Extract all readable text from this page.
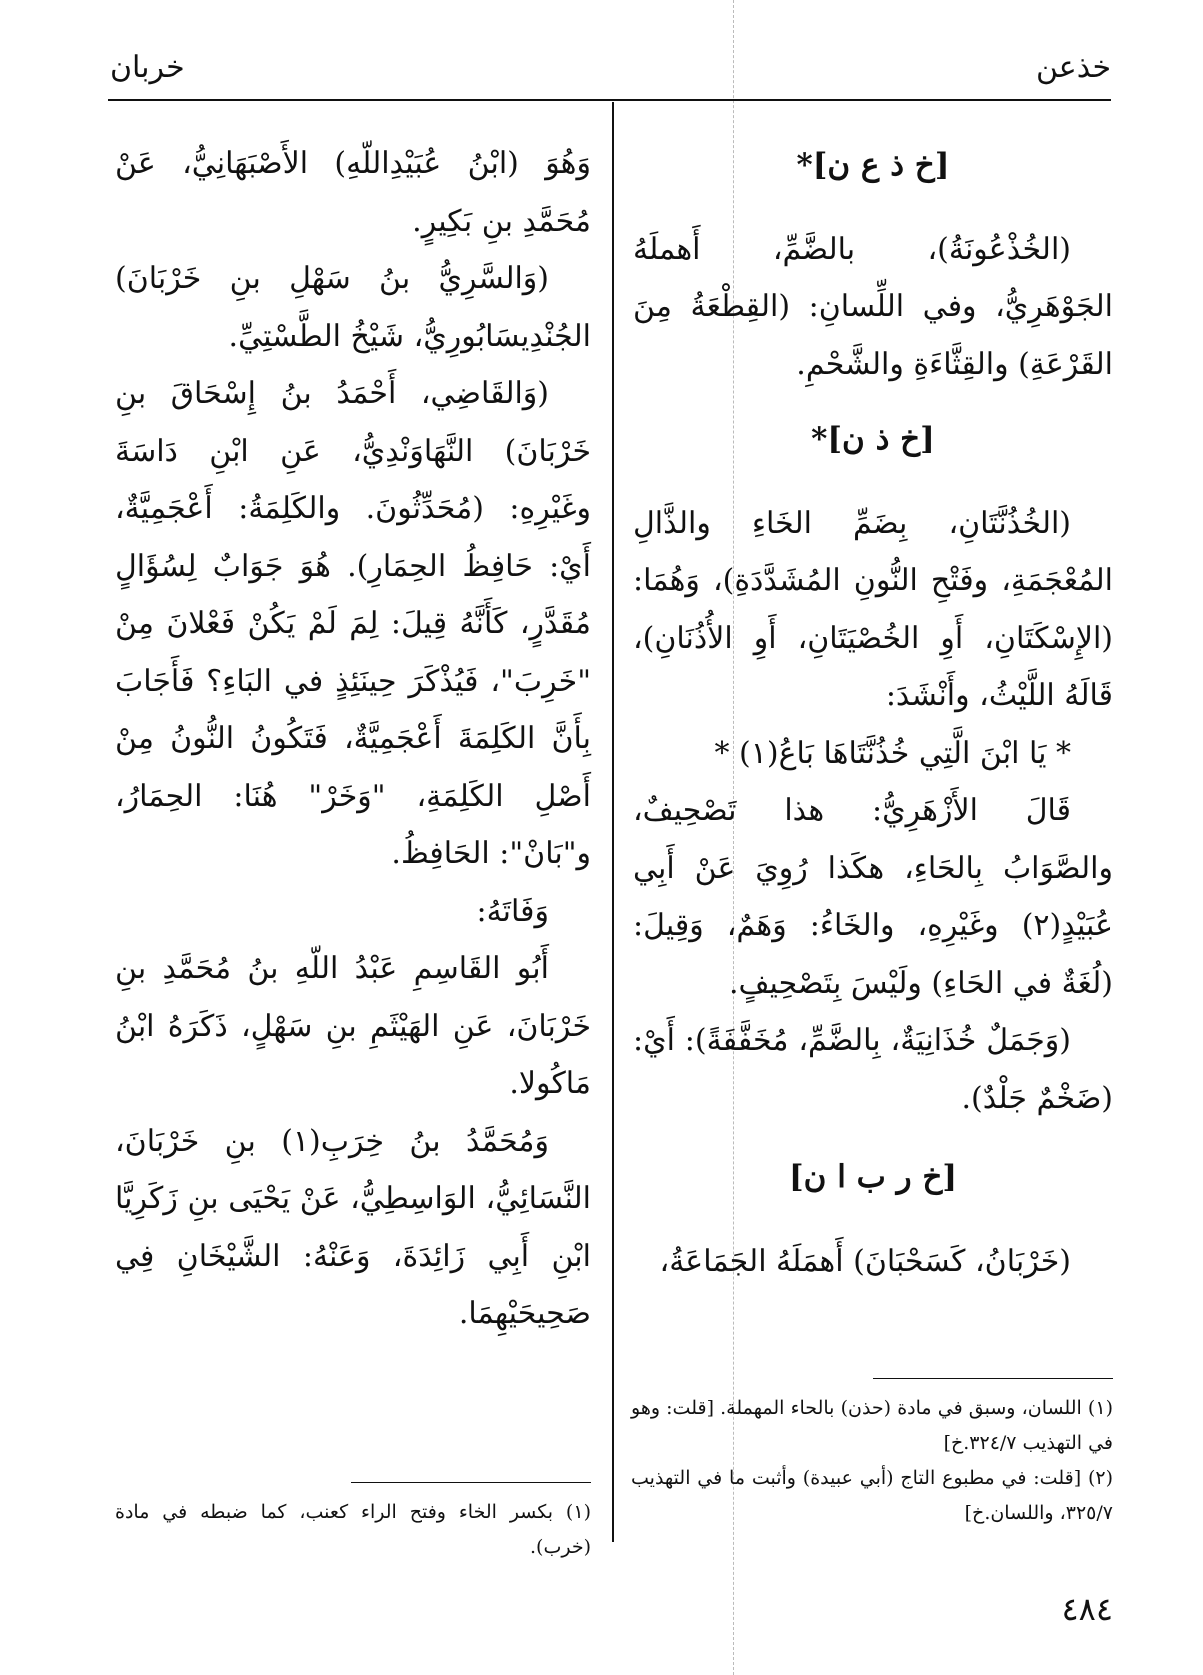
خذعن
خربان
[خ ذ ع ن]*

(الخُذْعُونَةُ)، بالضَّمِّ، أَهملَهُ الجَوْهَرِيُّ، وفي اللِّسانِ: (القِطْعَةُ مِنَ القَرْعَةِ) والقِثَّاءَةِ والشَّحْمِ.

[خ ذ ن]*

(الخُذُنَّتَانِ، بِضَمِّ الخَاءِ والذَّالِ المُعْجَمَةِ، وفَتْحِ النُّونِ المُشَدَّدَةِ)، وَهُمَا: (الإِسْكَتَانِ، أَوِ الخُصْيَتَانِ، أَوِ الأُذُنَانِ)، قَالَهُ اللَّيْثُ، وأَنْشَدَ:

* يَا ابْنَ الَّتِي خُذُنَّتَاهَا بَاعُ(١) *

قَالَ الأَزْهَرِيُّ: هذا تَصْحِيفٌ، والصَّوَابُ بِالحَاءِ، هكَذا رُوِيَ عَنْ أَبِي عُبَيْدٍ(٢) وغَيْرِهِ، والخَاءُ: وَهَمٌ، وَقِيلَ: (لُغَةٌ في الحَاءِ) ولَيْسَ بِتَصْحِيفٍ.

(وَجَمَلٌ خُذَانِيَةٌ، بِالضَّمِّ، مُخَفَّفَةً): أَيْ: (ضَخْمٌ جَلْدٌ).

[خ ر ب ا ن]

(خَرْبَانُ، كَسَحْبَانَ) أَهمَلَهُ الجَمَاعَةُ،

(١) اللسان، وسبق في مادة (حذن) بالحاء المهملة. [قلت: وهو في التهذيب ٣٢٤/٧.خ]

(٢) [قلت: في مطبوع التاج (أبي عبيدة) وأثبت ما في التهذيب ٣٢٥/٧، واللسان.خ]

وَهُوَ (ابْنُ عُبَيْدِاللّهِ) الأَصْبَهَانِيُّ، عَنْ مُحَمَّدِ بنِ بَكِيرٍ.

(وَالسَّرِيُّ بنُ سَهْلِ بنِ خَرْبَانَ) الجُنْدِيسَابُورِيُّ، شَيْخُ الطَّسْتِيِّ.

(وَالقَاضِي، أَحْمَدُ بنُ إِسْحَاقَ بنِ خَرْبَانَ) النَّهَاوَنْدِيُّ، عَنِ ابْنِ دَاسَةَ وغَيْرِهِ: (مُحَدِّثُونَ. والكَلِمَةُ: أَعْجَمِيَّةٌ، أَيْ: حَافِظُ الحِمَارِ). هُوَ جَوَابٌ لِسُؤَالٍ مُقَدَّرٍ، كَأَنَّهُ قِيلَ: لِمَ لَمْ يَكُنْ فَعْلانَ مِنْ "خَرِبَ"، فَيُذْكَرَ حِينَئِذٍ في البَاءِ؟ فَأَجَابَ بِأَنَّ الكَلِمَةَ أَعْجَمِيَّةٌ، فَتَكُونُ النُّونُ مِنْ أَصْلِ الكَلِمَةِ، "وَخَرْ" هُنَا: الحِمَارُ، و"بَانْ": الحَافِظُ.

وَفَاتَهُ:

أَبُو القَاسِمِ عَبْدُ اللّهِ بنُ مُحَمَّدِ بنِ خَرْبَانَ، عَنِ الهَيْثَمِ بنِ سَهْلٍ، ذَكَرَهُ ابْنُ مَاكُولا.

وَمُحَمَّدُ بنُ خِرَبِ(١) بنِ خَرْبَانَ، النَّسَائِيُّ، الوَاسِطِيُّ، عَنْ يَحْيَى بنِ زَكَرِيَّا ابْنِ أَبِي زَائِدَةَ، وَعَنْهُ: الشَّيْخَانِ فِي صَحِيحَيْهِمَا.

(١) بكسر الخاء وفتح الراء كعنب، كما ضبطه في مادة (خرب).

٤٨٤
